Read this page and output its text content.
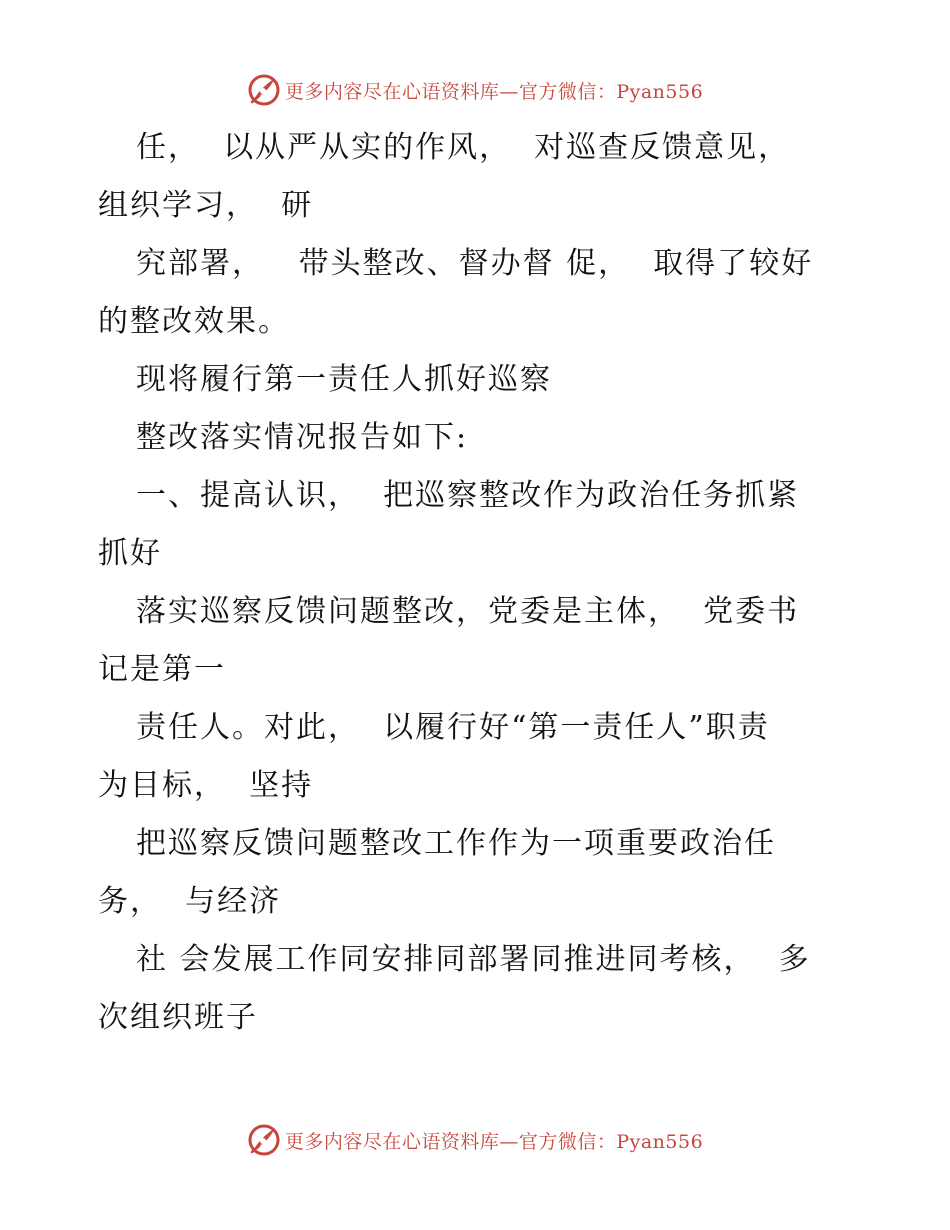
更多内容尽在心语资料库—官方微信：Pyan556
任，  以从严从实的作风，  对巡查反馈意见，
组织学习，  研
究部署，   带头整改、督办督 促，  取得了较好
的整改效果。
现将履行第一责任人抓好巡察
整改落实情况报告如下:
一、提高认识，  把巡察整改作为政治任务抓紧
抓好
落实巡察反馈问题整改，党委是主体，  党委书
记是第一
责任人。对此，  以履行好“第一责任人”职责
为目标，  坚持
把巡察反馈问题整改工作作为一项重要政治任
务，  与经济
社 会发展工作同安排同部署同推进同考核，  多
次组织班子
更多内容尽在心语资料库—官方微信：Pyan556
